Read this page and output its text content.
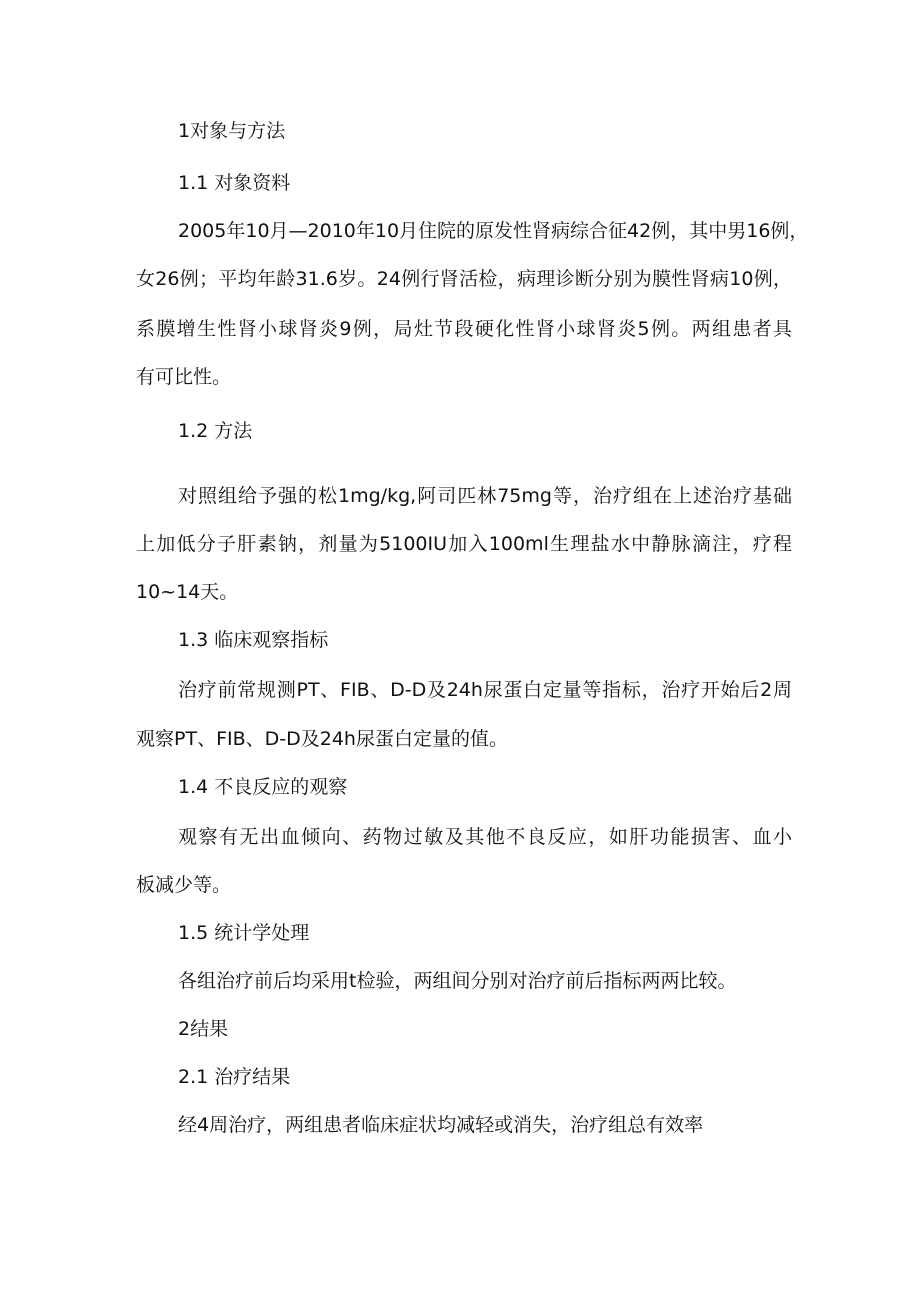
1对象与方法
1.1 对象资料
2005年10月—2010年10月住院的原发性肾病综合征42例，其中男16例，
女26例；平均年龄31.6岁。24例行肾活检，病理诊断分别为膜性肾病10例，
系膜增生性肾小球肾炎9例，局灶节段硬化性肾小球肾炎5例。两组患者具
有可比性。
1.2 方法
对照组给予强的松1mg/kg,阿司匹林75mg等，治疗组在上述治疗基础
上加低分子肝素钠，剂量为5100IU加入100ml生理盐水中静脉滴注，疗程
10~14天。
1.3 临床观察指标
治疗前常规测PT、FIB、D-D及24h尿蛋白定量等指标，治疗开始后2周
观察PT、FIB、D-D及24h尿蛋白定量的值。
1.4 不良反应的观察
观察有无出血倾向、药物过敏及其他不良反应，如肝功能损害、血小
板减少等。
1.5 统计学处理
各组治疗前后均采用t检验，两组间分别对治疗前后指标两两比较。
2结果
2.1 治疗结果
经4周治疗，两组患者临床症状均减轻或消失，治疗组总有效率
